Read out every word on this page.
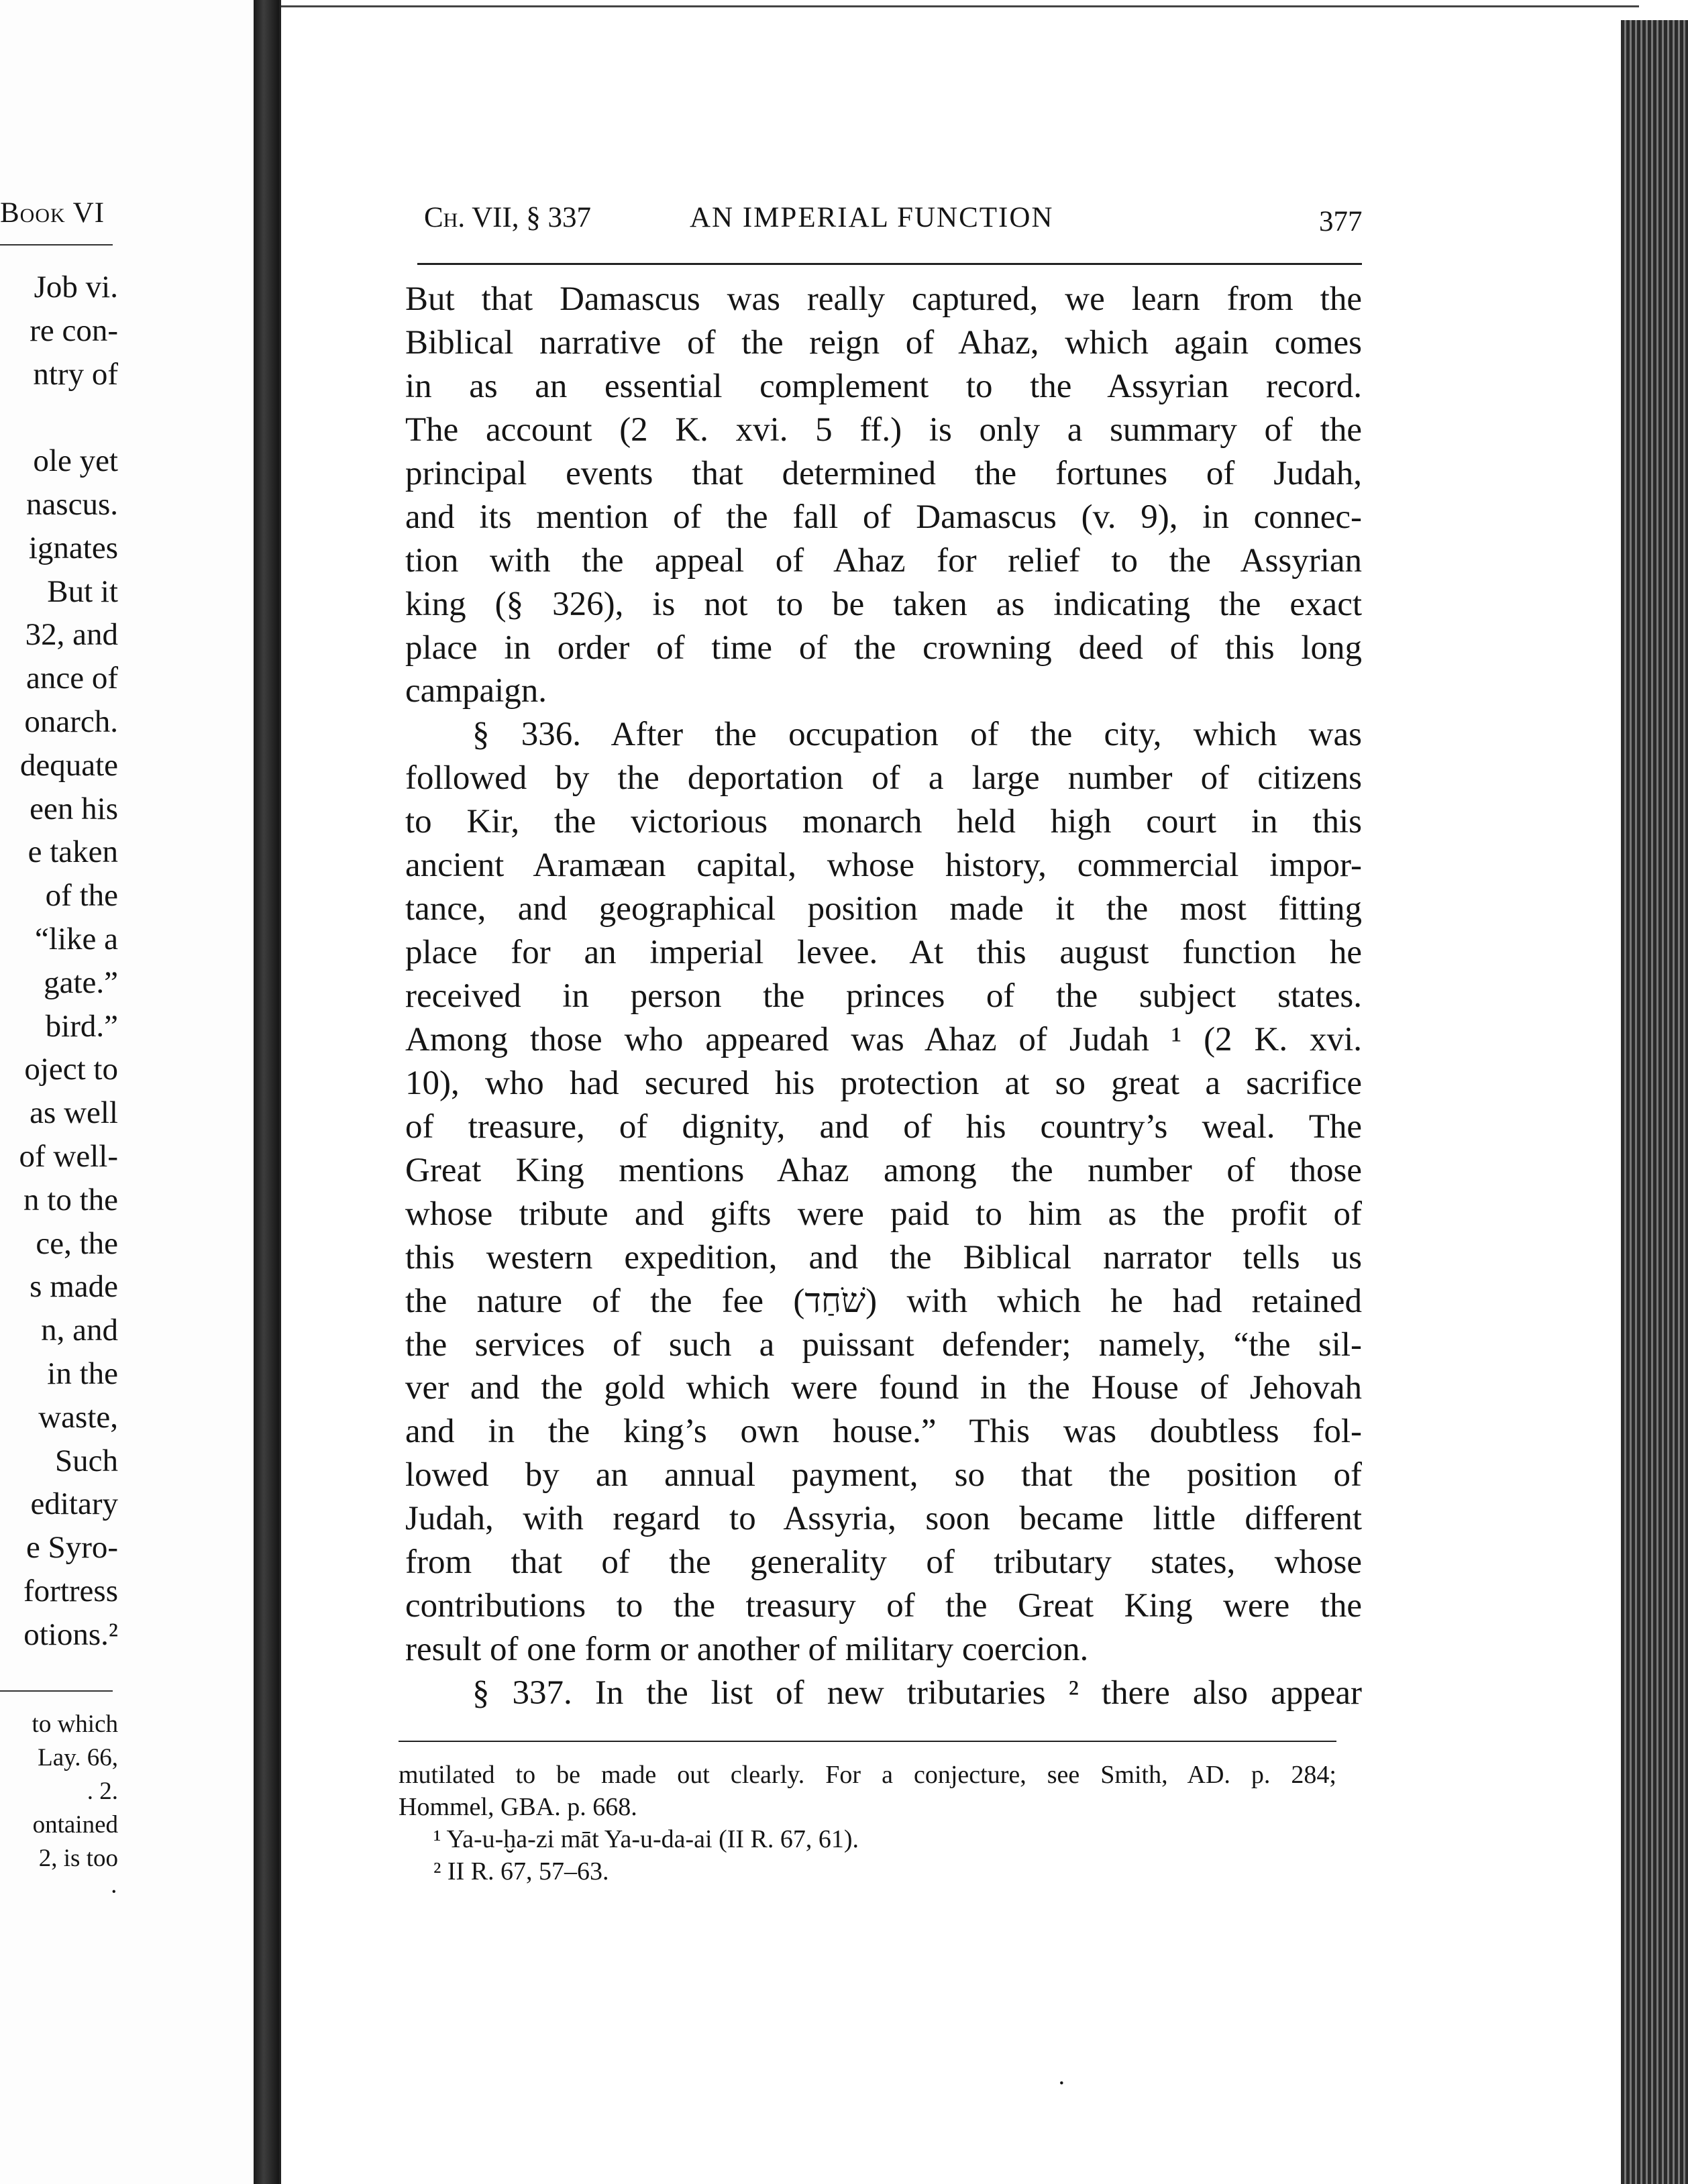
Book VI
Job vi.
re con-
ntry of

ole yet
nascus.
ignates
But it
32, and
ance of
onarch.
dequate
een his
e taken
of the
“like a
gate.”
bird.”
oject to
as well
of well-
n to the
ce, the
s made
n, and
in the
waste,
Such
editary
e Syro-
fortress
otions.²
to which
Lay. 66,
. 2.
ontained
2, is too
·
Ch. VII, § 337	AN IMPERIAL FUNCTION	377
But that Damascus was really captured, we learn from the
Biblical narrative of the reign of Ahaz, which again comes
in as an essential complement to the Assyrian record.
The account (2 K. xvi. 5 ff.) is only a summary of the
principal events that determined the fortunes of Judah,
and its mention of the fall of Damascus (v. 9), in connec-
tion with the appeal of Ahaz for relief to the Assyrian
king (§ 326), is not to be taken as indicating the exact
place in order of time of the crowning deed of this long
campaign.
§ 336. After the occupation of the city, which was
followed by the deportation of a large number of citizens
to Kir, the victorious monarch held high court in this
ancient Aramæan capital, whose history, commercial impor-
tance, and geographical position made it the most fitting
place for an imperial levee. At this august function he
received in person the princes of the subject states.
Among those who appeared was Ahaz of Judah ¹ (2 K. xvi.
10), who had secured his protection at so great a sacrifice
of treasure, of dignity, and of his country’s weal. The
Great King mentions Ahaz among the number of those
whose tribute and gifts were paid to him as the profit of
this western expedition, and the Biblical narrator tells us
the nature of the fee (שֹׁחַד) with which he had retained
the services of such a puissant defender; namely, “the sil-
ver and the gold which were found in the House of Jehovah
and in the king’s own house.” This was doubtless fol-
lowed by an annual payment, so that the position of
Judah, with regard to Assyria, soon became little different
from that of the generality of tributary states, whose
contributions to the treasury of the Great King were the
result of one form or another of military coercion.
§ 337. In the list of new tributaries ² there also appear
mutilated to be made out clearly. For a conjecture, see Smith, AD. p. 284;
Hommel, GBA. p. 668.
¹ Ya-u-ḫa-zi māt Ya-u-da-ai (II R. 67, 61).
² II R. 67, 57–63.
·
